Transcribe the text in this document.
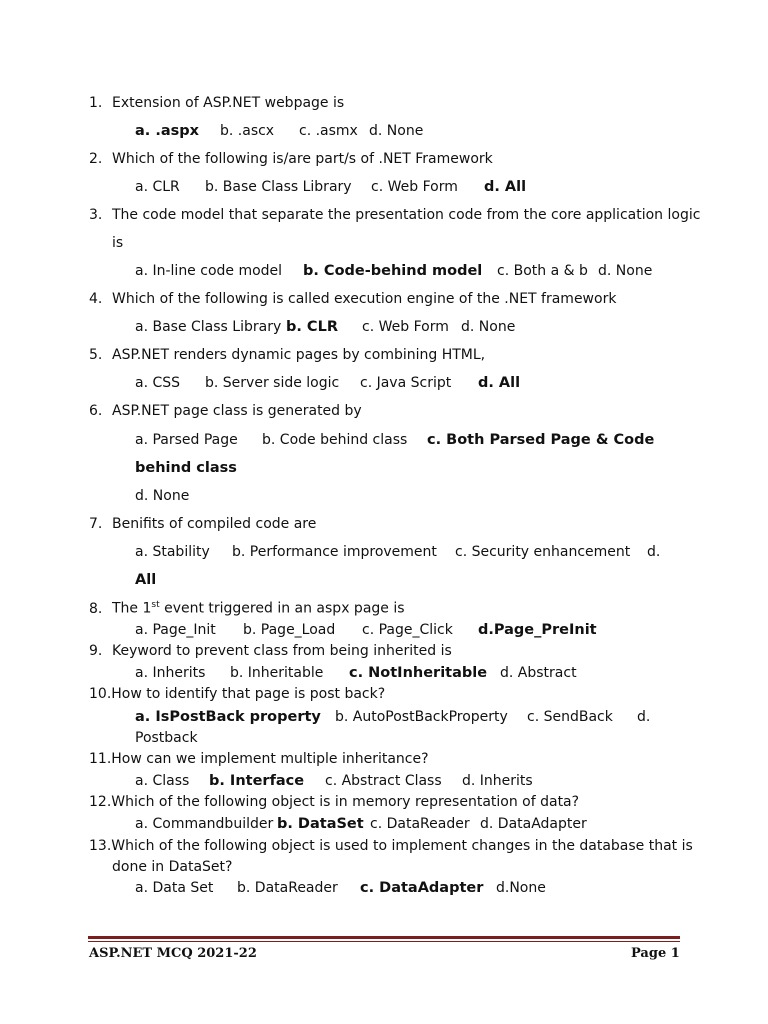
1. Extension of ASP.NET webpage is
a. .aspx b. .ascx c. .asmx d. None
2. Which of the following is/are part/s of .NET Framework
a. CLR b. Base Class Library c. Web Form d. All
3. The code model that separate the presentation code from the core application logic
is
a. In-line code model b. Code-behind model c. Both a & b d. None
4. Which of the following is called execution engine of the .NET framework
a. Base Class Library b. CLR c. Web Form d. None
5. ASP.NET renders dynamic pages by combining HTML,
a. CSS b. Server side logic c. Java Script d. All
6. ASP.NET page class is generated by
a. Parsed Page b. Code behind class c. Both Parsed Page & Code
behind class
d. None
7. Benifits of compiled code are
a. Stability b. Performance improvement c. Security enhancement d.
All
8. The 1st event triggered in an aspx page is
a. Page_Init b. Page_Load c. Page_Click d.Page_PreInit
9. Keyword to prevent class from being inherited is
a. Inherits b. Inheritable c. NotInheritable d. Abstract
10.How to identify that page is post back?
a. IsPostBack property b. AutoPostBackProperty c. SendBack d.
Postback
11.How can we implement multiple inheritance?
a. Class b. Interface c. Abstract Class d. Inherits
12.Which of the following object is in memory representation of data?
a. Commandbuilder b. DataSet c. DataReader d. DataAdapter
13.Which of the following object is used to implement changes in the database that is
done in DataSet?
a. Data Set b. DataReader c. DataAdapter d.None
ASP.NET MCQ 2021-22	Page 1
